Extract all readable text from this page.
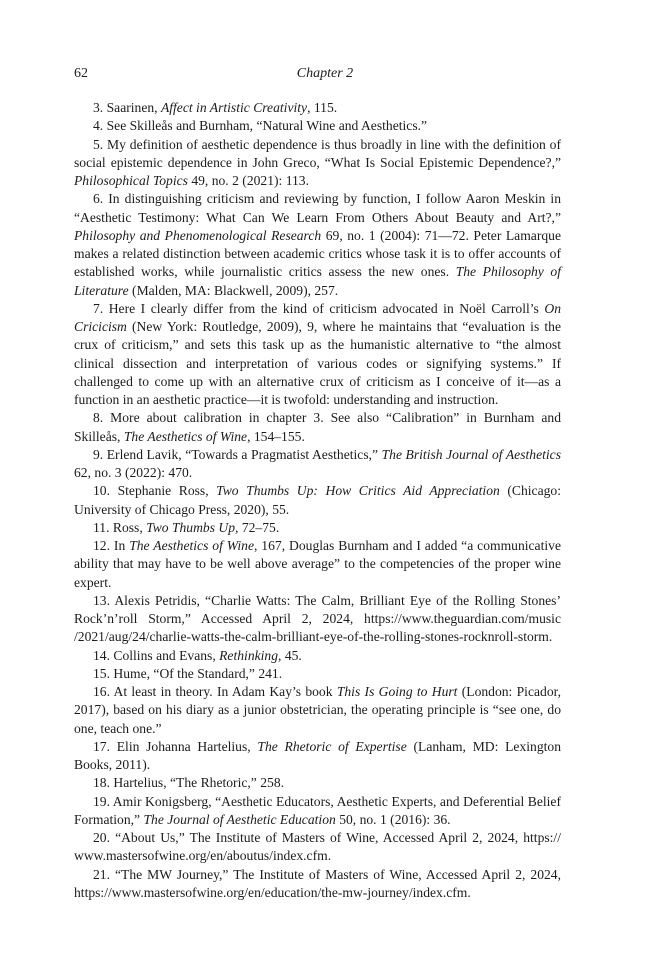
62	Chapter 2

3. Saarinen, Affect in Artistic Creativity, 115.

4. See Skilleås and Burnham, “Natural Wine and Aesthetics.”

5. My definition of aesthetic dependence is thus broadly in line with the definition of social epistemic dependence in John Greco, “What Is Social Epistemic Dependence?,” Philosophical Topics 49, no. 2 (2021): 113.

6. In distinguishing criticism and reviewing by function, I follow Aaron Meskin in “Aesthetic Testimony: What Can We Learn From Others About Beauty and Art?,” Philosophy and Phenomenological Research 69, no. 1 (2004): 71—72. Peter Lamarque makes a related distinction between academic critics whose task it is to offer accounts of established works, while journalistic critics assess the new ones. The Philosophy of Literature (Malden, MA: Blackwell, 2009), 257.

7. Here I clearly differ from the kind of criticism advocated in Noël Carroll’s On Cricicism (New York: Routledge, 2009), 9, where he maintains that “evaluation is the crux of criticism,” and sets this task up as the humanistic alternative to “the almost clinical dissection and interpretation of various codes or signifying systems.” If challenged to come up with an alternative crux of criticism as I conceive of it—as a function in an aesthetic practice—it is twofold: understanding and instruction.

8. More about calibration in chapter 3. See also “Calibration” in Burnham and Skilleås, The Aesthetics of Wine, 154–155.

9. Erlend Lavik, “Towards a Pragmatist Aesthetics,” The British Journal of Aesthetics 62, no. 3 (2022): 470.

10. Stephanie Ross, Two Thumbs Up: How Critics Aid Appreciation (Chicago: University of Chicago Press, 2020), 55.

11. Ross, Two Thumbs Up, 72–75.

12. In The Aesthetics of Wine, 167, Douglas Burnham and I added “a communicative ability that may have to be well above average” to the competencies of the proper wine expert.

13. Alexis Petridis, “Charlie Watts: The Calm, Brilliant Eye of the Rolling Stones’ Rock’n’roll Storm,” Accessed April 2, 2024, https://www.theguardian.com/music​/2021/aug/24/charlie-watts-the-calm-brilliant-eye-of-the-rolling-stones-rocknroll​-storm.

14. Collins and Evans, Rethinking, 45.

15. Hume, “Of the Standard,” 241.

16. At least in theory. In Adam Kay’s book This Is Going to Hurt (London: Picador, 2017), based on his diary as a junior obstetrician, the operating principle is “see one, do one, teach one.”

17. Elin Johanna Hartelius, The Rhetoric of Expertise (Lanham, MD: Lexington Books, 2011).

18. Hartelius, “The Rhetoric,” 258.

19. Amir Konigsberg, “Aesthetic Educators, Aesthetic Experts, and Deferential Belief Formation,” The Journal of Aesthetic Education 50, no. 1 (2016): 36.

20. “About Us,” The Institute of Masters of Wine, Accessed April 2, 2024, https://​www.mastersofwine.org/en/aboutus/index.cfm.

21. “The MW Journey,” The Institute of Masters of Wine, Accessed April 2, 2024, https://www.mastersofwine.org/en/education/the-mw-journey/index.cfm.
